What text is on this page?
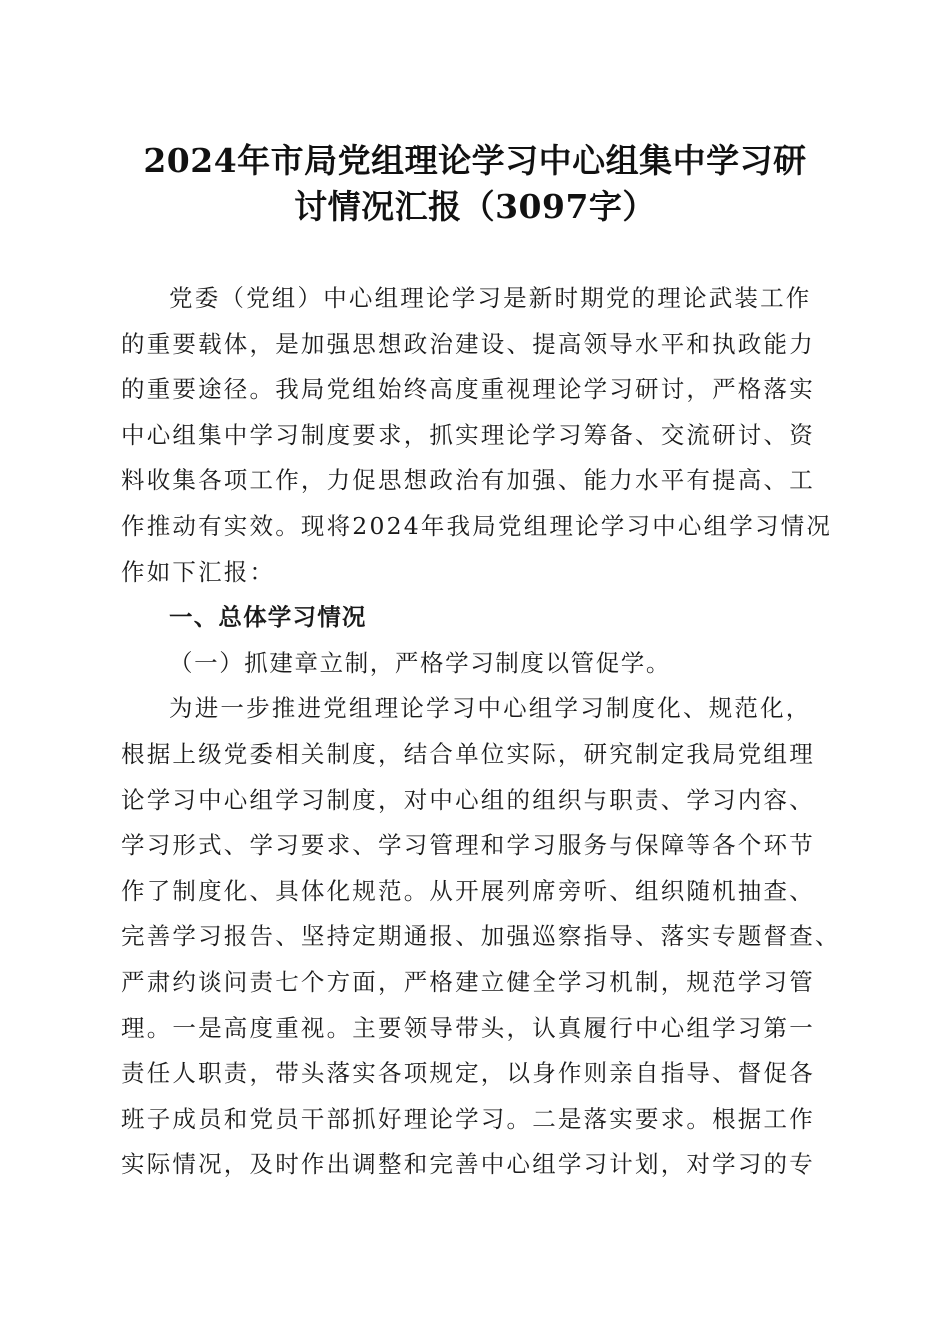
2024年市局党组理论学习中心组集中学习研
讨情况汇报（3097字）
党委（党组）中心组理论学习是新时期党的理论武装工作
的重要载体，是加强思想政治建设、提高领导水平和执政能力
的重要途径。我局党组始终高度重视理论学习研讨，严格落实
中心组集中学习制度要求，抓实理论学习筹备、交流研讨、资
料收集各项工作，力促思想政治有加强、能力水平有提高、工
作推动有实效。现将2024年我局党组理论学习中心组学习情况
作如下汇报：
一、总体学习情况
（一）抓建章立制，严格学习制度以管促学。
为进一步推进党组理论学习中心组学习制度化、规范化，
根据上级党委相关制度，结合单位实际，研究制定我局党组理
论学习中心组学习制度，对中心组的组织与职责、学习内容、
学习形式、学习要求、学习管理和学习服务与保障等各个环节
作了制度化、具体化规范。从开展列席旁听、组织随机抽查、
完善学习报告、坚持定期通报、加强巡察指导、落实专题督查、
严肃约谈问责七个方面，严格建立健全学习机制，规范学习管
理。一是高度重视。主要领导带头，认真履行中心组学习第一
责任人职责，带头落实各项规定，以身作则亲自指导、督促各
班子成员和党员干部抓好理论学习。二是落实要求。根据工作
实际情况，及时作出调整和完善中心组学习计划，对学习的专
